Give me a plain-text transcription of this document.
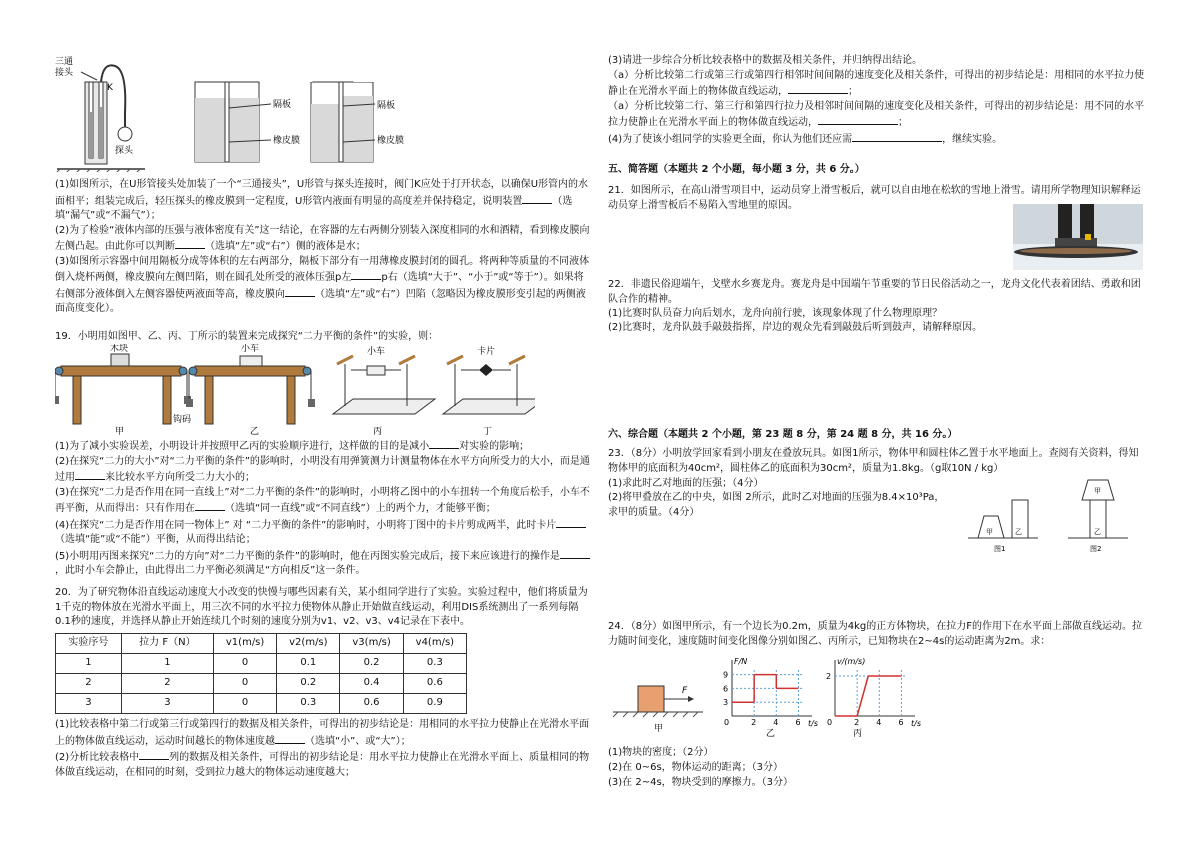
三通
接头
K
探头
隔板
橡皮膜
隔板
橡皮膜

(1)如图所示，在U形管接头处加装了一个“三通接头”，U形管与探头连接时，阀门K应处于打开状态，以确保U形管内的水面相平；组装完成后，轻压探头的橡皮膜到一定程度，U形管内液面有明显的高度差并保持稳定，说明装置	（选填“漏气”或“不漏气”）；

(2)为了检验“液体内部的压强与液体密度有关”这一结论，在容器的左右两侧分别装入深度相同的水和酒精，看到橡皮膜向左侧凸起。由此你可以判断	（选填“左”或“右”）侧的液体是水；

(3)如图所示容器中间用隔板分成等体积的左右两部分，隔板下部分有一用薄橡皮膜封闭的圆孔。将两种等质量的不同液体倒入烧杯两侧，橡皮膜向左侧凹陷，则在圆孔处所受的液体压强p左	p右（选填“大于”、“小于”或“等于”）。如果将右侧部分液体倒入左侧容器使两液面等高，橡皮膜向	（选填“左”或“右”）凹陷（忽略因为橡皮膜形变引起的两侧液面高度变化）。

19．小明用如图甲、乙、丙、丁所示的装置来完成探究“二力平衡的条件”的实验，则：

木块
甲
小车
钩码
乙
小车
丙
卡片
丁

(1)为了减小实验误差，小明设计并按照甲乙丙的实验顺序进行，这样做的目的是减小	对实验的影响；

(2)在探究“二力的大小”对“二力平衡的条件”的影响时，小明没有用弹簧测力计测量物体在水平方向所受力的大小，而是通过用	来比较水平方向所受二力大小的；

(3)在探究“二力是否作用在同一直线上”对“二力平衡的条件”的影响时，小明将乙图中的小车扭转一个角度后松手，小车不再平衡，从而得出：只有作用在	（选填“同一直线”或“不同直线”）上的两个力，才能够平衡；

(4)在探究“二力是否作用在同一物体上” 对 “二力平衡的条件”的影响时，小明将丁图中的卡片剪成两半，此时卡片（选填“能”或“不能”）平衡，从而得出结论；

(5)小明用丙图来探究“二力的方向”对“二力平衡的条件”的影响时，他在丙图实验完成后，接下来应该进行的操作是，此时小车会静止，由此得出二力平衡必须满足“方向相反”这一条件。

20．为了研究物体沿直线运动速度大小改变的快慢与哪些因素有关，某小组同学进行了实验。实验过程中，他们将质量为1千克的物体放在光滑水平面上，用三次不同的水平拉力使物体从静止开始做直线运动，利用DIS系统测出了一系列每隔0.1秒的速度，并选择从静止开始连续几个时刻的速度分别为v1、v2、v3、v4记录在下表中。

实验序号	拉力 F（N）	v1(m/s)	v2(m/s)	v3(m/s)	v4(m/s)
1	1	0	0.1	0.2	0.3
2	2	0	0.2	0.4	0.6
3	3	0	0.3	0.6	0.9

(1)比较表格中第二行或第三行或第四行的数据及相关条件，可得出的初步结论是：用相同的水平拉力使静止在光滑水平面上的物体做直线运动，运动时间越长的物体速度越	（选填“小”、或“大”）；

(2)分析比较表格中	列的数据及相关条件，可得出的初步结论是：用水平拉力使静止在光滑水平面上、质量相同的物体做直线运动，在相同的时刻，受到拉力越大的物体运动速度越大；

(3)请进一步综合分析比较表格中的数据及相关条件，并归纳得出结论。

（a）分析比较第二行或第三行或第四行相邻时间间隔的速度变化及相关条件，可得出的初步结论是：用相同的水平拉力使静止在光滑水平面上的物体做直线运动，	；

（a）分析比较第二行、第三行和第四行拉力及相邻时间间隔的速度变化及相关条件，可得出的初步结论是：用不同的水平拉力使静止在光滑水平面上的物体做直线运动，	；

(4)为了使该小组同学的实验更全面，你认为他们还应需	，继续实验。

五、简答题（本题共 2 个小题，每小题 3 分，共 6 分。）

21．如图所示，在高山滑雪项目中，运动员穿上滑雪板后，就可以自由地在松软的雪地上滑雪。请用所学物理知识解释运动员穿上滑雪板后不易陷入雪地里的原因。

22．非遗民俗迎端午，戈壁水乡赛龙舟。赛龙舟是中国端午节重要的节日民俗活动之一，龙舟文化代表着团结、勇敢和团队合作的精神。

(1)比赛时队员奋力向后划水，龙舟向前行驶，该现象体现了什么物理原理？

(2)比赛时，龙舟队鼓手敲鼓指挥，岸边的观众先看到敲鼓后听到鼓声，请解释原因。

六、综合题（本题共 2 个小题，第 23 题 8 分，第 24 题 8 分，共 16 分。）

23．（8分）小明放学回家看到小朋友在叠放玩具。如图1所示，物体甲和圆柱体乙置于水平地面上。查阅有关资料，得知物体甲的底面积为40cm²，圆柱体乙的底面积为30cm²，质量为1.8kg。（g取10N / kg）

(1)求此时乙对地面的压强；（4分）

(2)将甲叠放在乙的中央，如图 2所示，此时乙对地面的压强为8.4×10³Pa，

求甲的质量。（4分）

甲	乙
图1
甲
乙
图2

24．（8分）如图甲所示，有一个边长为0.2m，质量为4kg的正方体物块，在拉力F的作用下在水平面上部做直线运动。拉力随时间变化，速度随时间变化图像分别如图乙、丙所示，已知物块在2~4s的运动距离为2m。求：

F
甲
t/s
F/N
0	2 4 6
3
6
9
乙
t/s
v/(m/s)
0	2 4 6
2
丙

(1)物块的密度；（2分）

(2)在 0~6s，物体运动的距离；（3分）

(3)在 2~4s，物块受到的摩擦力。（3分）
